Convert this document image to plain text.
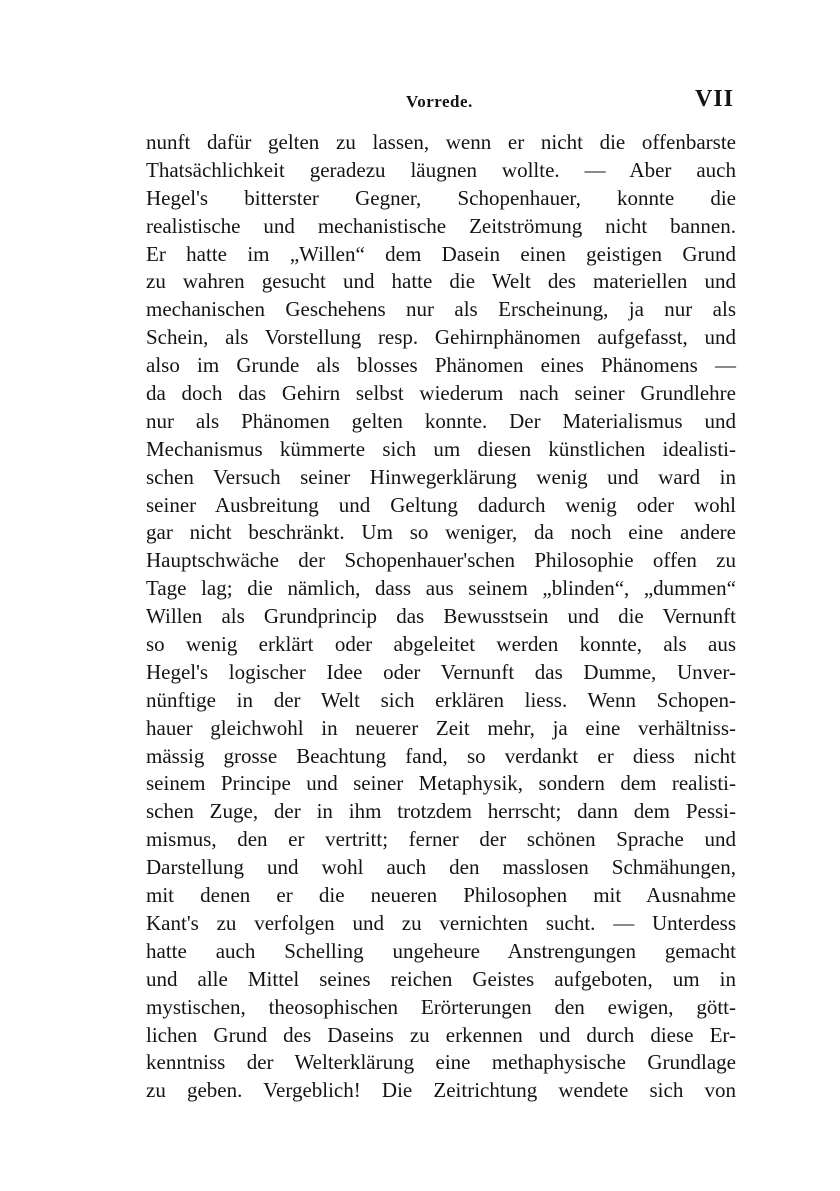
Vorrede.	VII
nunft dafür gelten zu lassen, wenn er nicht die offenbarste
Thatsächlichkeit geradezu läugnen wollte. — Aber auch
Hegel's bitterster Gegner, Schopenhauer, konnte die
realistische und mechanistische Zeitströmung nicht bannen.
Er hatte im „Willen“ dem Dasein einen geistigen Grund
zu wahren gesucht und hatte die Welt des materiellen und
mechanischen Geschehens nur als Erscheinung, ja nur als
Schein, als Vorstellung resp. Gehirnphänomen aufgefasst, und
also im Grunde als blosses Phänomen eines Phänomens —
da doch das Gehirn selbst wiederum nach seiner Grundlehre
nur als Phänomen gelten konnte. Der Materialismus und
Mechanismus kümmerte sich um diesen künstlichen idealisti-
schen Versuch seiner Hinwegerklärung wenig und ward in
seiner Ausbreitung und Geltung dadurch wenig oder wohl
gar nicht beschränkt. Um so weniger, da noch eine andere
Hauptschwäche der Schopenhauer'schen Philosophie offen zu
Tage lag; die nämlich, dass aus seinem „blinden“, „dummen“
Willen als Grundprincip das Bewusstsein und die Vernunft
so wenig erklärt oder abgeleitet werden konnte, als aus
Hegel's logischer Idee oder Vernunft das Dumme, Unver-
nünftige in der Welt sich erklären liess. Wenn Schopen-
hauer gleichwohl in neuerer Zeit mehr, ja eine verhältniss-
mässig grosse Beachtung fand, so verdankt er diess nicht
seinem Principe und seiner Metaphysik, sondern dem realisti-
schen Zuge, der in ihm trotzdem herrscht; dann dem Pessi-
mismus, den er vertritt; ferner der schönen Sprache und
Darstellung und wohl auch den masslosen Schmähungen,
mit denen er die neueren Philosophen mit Ausnahme
Kant's zu verfolgen und zu vernichten sucht. — Unterdess
hatte auch Schelling ungeheure Anstrengungen gemacht
und alle Mittel seines reichen Geistes aufgeboten, um in
mystischen, theosophischen Erörterungen den ewigen, gött-
lichen Grund des Daseins zu erkennen und durch diese Er-
kenntniss der Welterklärung eine methaphysische Grundlage
zu geben. Vergeblich! Die Zeitrichtung wendete sich von
